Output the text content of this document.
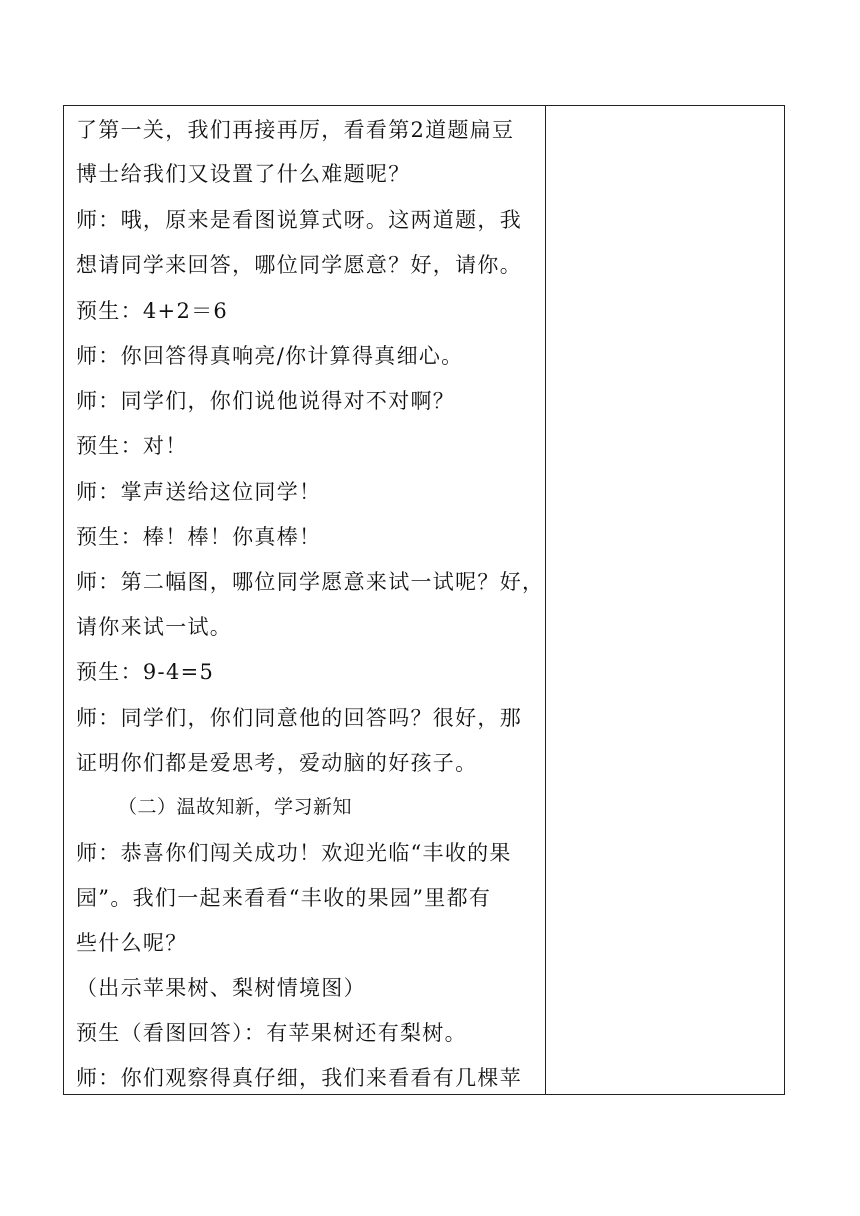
了第一关，我们再接再厉，看看第2道题扁豆
博士给我们又设置了什么难题呢？
师：哦，原来是看图说算式呀。这两道题，我
想请同学来回答，哪位同学愿意？好，请你。
预生：4+2＝6
师：你回答得真响亮/你计算得真细心。
师：同学们，你们说他说得对不对啊？
预生：对！
师：掌声送给这位同学！
预生：棒！棒！你真棒！
师：第二幅图，哪位同学愿意来试一试呢？好，
请你来试一试。
预生：9-4=5
师：同学们，你们同意他的回答吗？很好，那
证明你们都是爱思考，爱动脑的好孩子。
（二）温故知新，学习新知
师：恭喜你们闯关成功！欢迎光临“丰收的果
园”。我们一起来看看“丰收的果园”里都有
些什么呢？
（出示苹果树、梨树情境图）
预生（看图回答）：有苹果树还有梨树。
师：你们观察得真仔细，我们来看看有几棵苹
